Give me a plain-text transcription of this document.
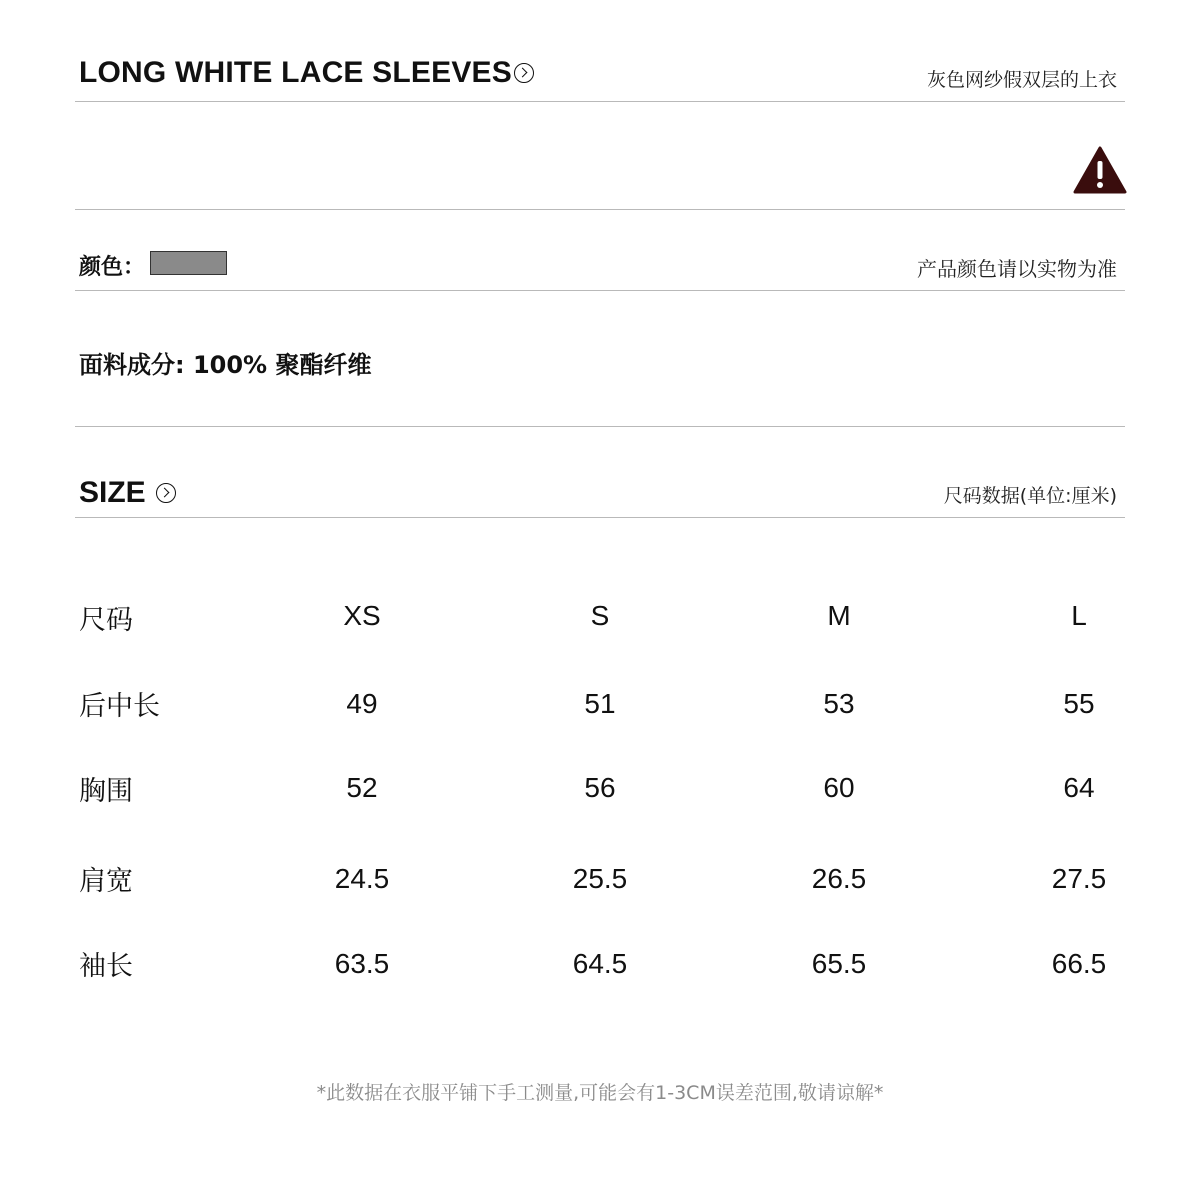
LONG WHITE LACE SLEEVES	灰色网纱假双层的上衣
颜色：	产品颜色请以实物为准
面料成分: 100% 聚酯纤维
SIZE	尺码数据(单位:厘米)
尺码	XS	S	M	L
后中长	49	51	53	55
胸围	52	56	60	64
肩宽	24.5	25.5	26.5	27.5
袖长	63.5	64.5	65.5	66.5
*此数据在衣服平铺下手工测量,可能会有1-3CM误差范围,敬请谅解*
